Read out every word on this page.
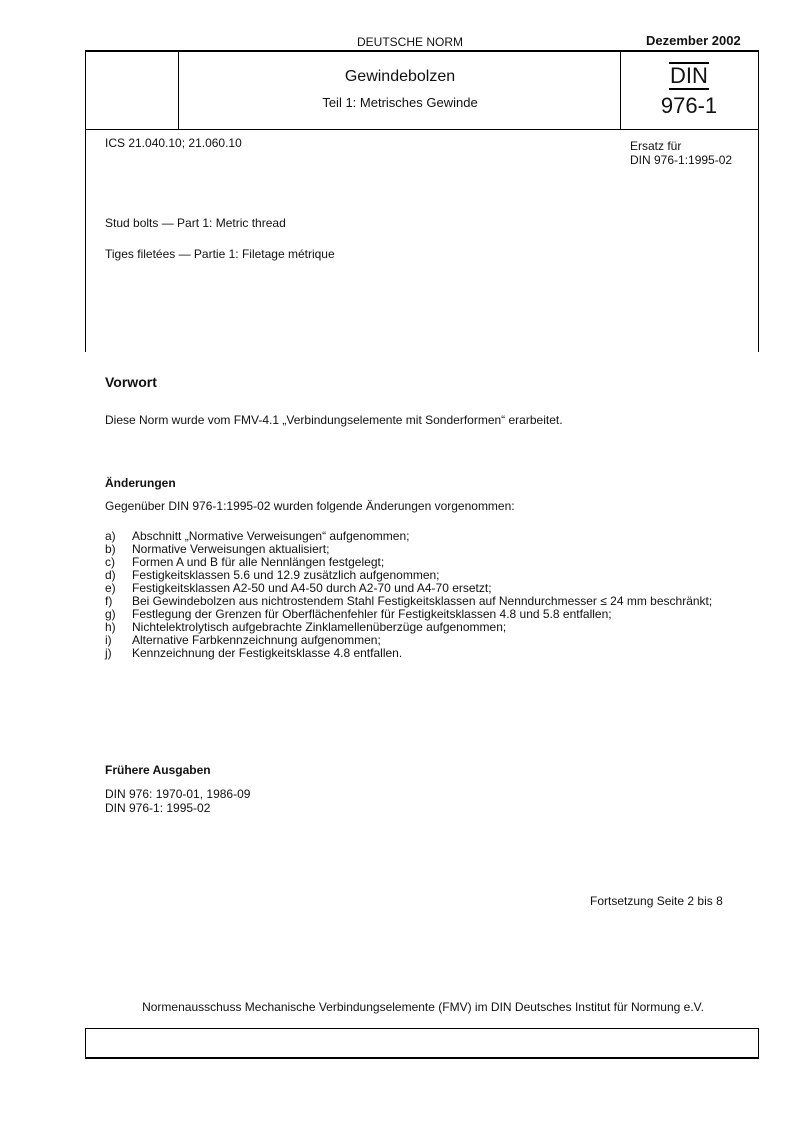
DEUTSCHE NORM	Dezember 2002
Gewindebolzen
Teil 1: Metrisches Gewinde
DIN
976-1
ICS 21.040.10; 21.060.10	Ersatz für
DIN 976-1:1995-02
Stud bolts — Part 1: Metric thread
Tiges filetées — Partie 1: Filetage métrique
Vorwort
Diese Norm wurde vom FMV-4.1 „Verbindungselemente mit Sonderformen“ erarbeitet.
Änderungen
Gegenüber DIN 976-1:1995-02 wurden folgende Änderungen vorgenommen:
a)	Abschnitt „Normative Verweisungen“ aufgenommen;
b)	Normative Verweisungen aktualisiert;
c)	Formen A und B für alle Nennlängen festgelegt;
d)	Festigkeitsklassen 5.6 und 12.9 zusätzlich aufgenommen;
e)	Festigkeitsklassen A2-50 und A4-50 durch A2-70 und A4-70 ersetzt;
f)	Bei Gewindebolzen aus nichtrostendem Stahl Festigkeitsklassen auf Nenndurchmesser ≤ 24 mm beschränkt;
g)	Festlegung der Grenzen für Oberflächenfehler für Festigkeitsklassen 4.8 und 5.8 entfallen;
h)	Nichtelektrolytisch aufgebrachte Zinklamellenüberzüge aufgenommen;
i)	Alternative Farbkennzeichnung aufgenommen;
j)	Kennzeichnung der Festigkeitsklasse 4.8 entfallen.
Frühere Ausgaben
DIN 976: 1970-01, 1986-09
DIN 976-1: 1995-02
Fortsetzung Seite 2 bis 8
Normenausschuss Mechanische Verbindungselemente (FMV) im DIN Deutsches Institut für Normung e.V.
